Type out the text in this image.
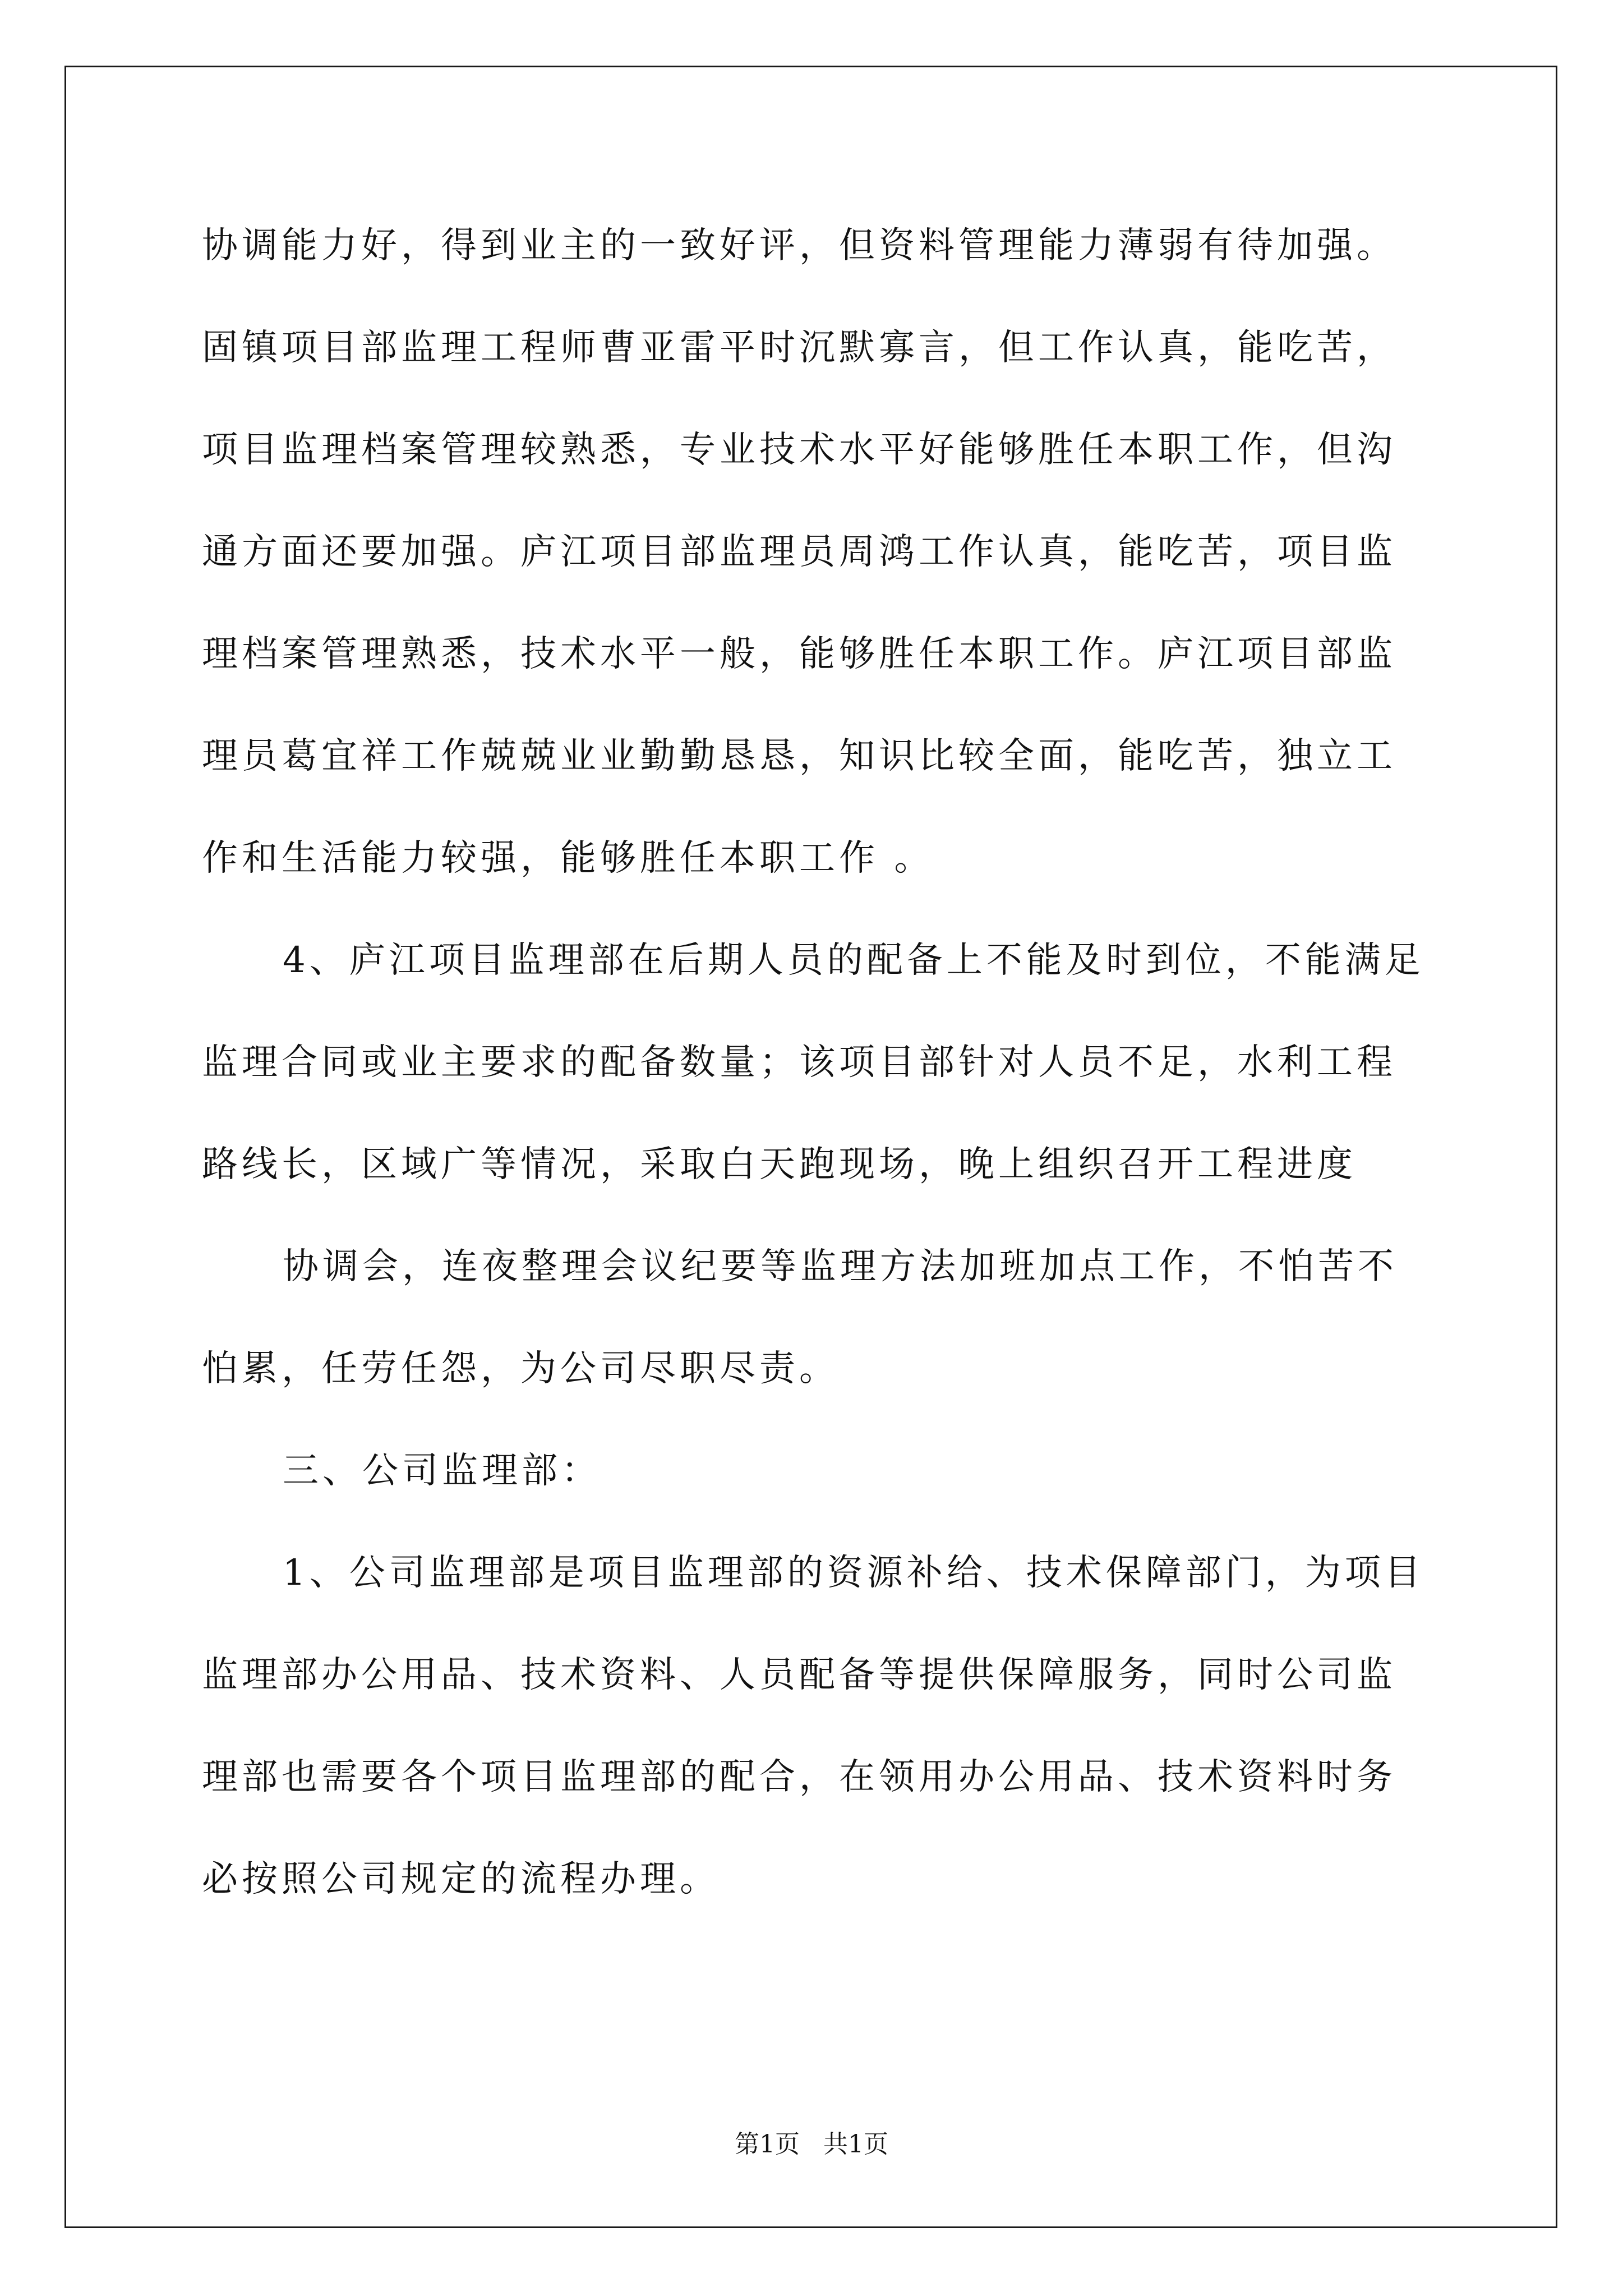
协调能力好，得到业主的一致好评，但资料管理能力薄弱有待加强。
固镇项目部监理工程师曹亚雷平时沉默寡言，但工作认真，能吃苦，
项目监理档案管理较熟悉，专业技术水平好能够胜任本职工作，但沟
通方面还要加强。庐江项目部监理员周鸿工作认真，能吃苦，项目监
理档案管理熟悉，技术水平一般，能够胜任本职工作。庐江项目部监
理员葛宜祥工作兢兢业业勤勤恳恳，知识比较全面，能吃苦，独立工
作和生活能力较强，能够胜任本职工作 。
4、庐江项目监理部在后期人员的配备上不能及时到位，不能满足
监理合同或业主要求的配备数量；该项目部针对人员不足，水利工程
路线长，区域广等情况，采取白天跑现场，晚上组织召开工程进度
协调会，连夜整理会议纪要等监理方法加班加点工作，不怕苦不
怕累，任劳任怨，为公司尽职尽责。
三、公司监理部：
1、公司监理部是项目监理部的资源补给、技术保障部门，为项目
监理部办公用品、技术资料、人员配备等提供保障服务，同时公司监
理部也需要各个项目监理部的配合，在领用办公用品、技术资料时务
必按照公司规定的流程办理。
第1页   共1页
